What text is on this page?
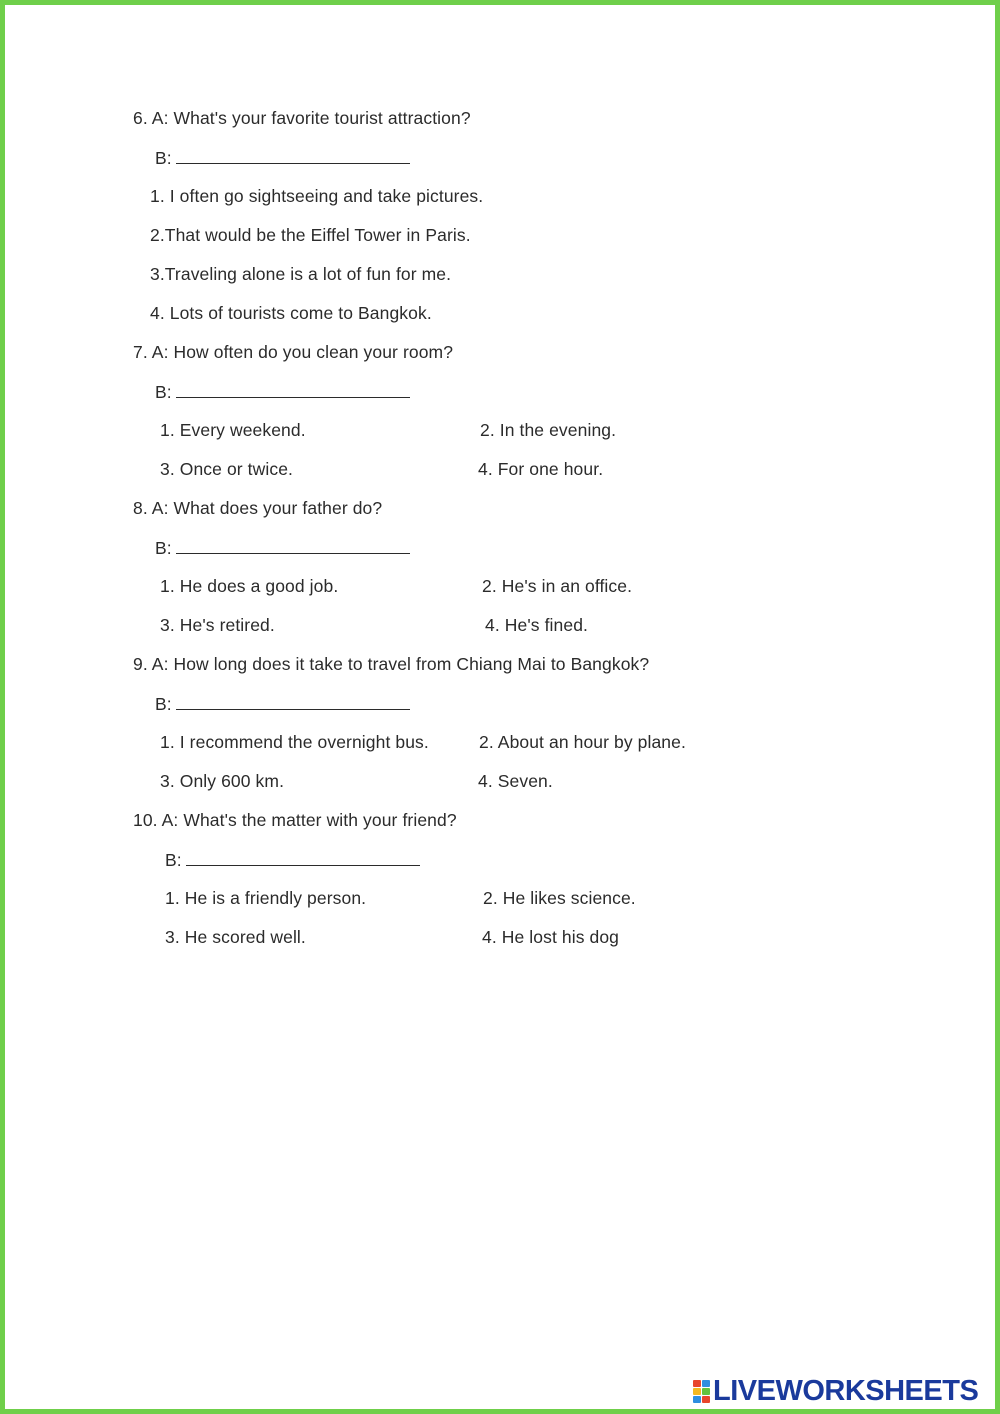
6. A: What's your favorite tourist attraction?
B:
1. I often go sightseeing and take pictures.
2.That would be the Eiffel Tower in Paris.
3.Traveling alone is a lot of fun for me.
4. Lots of tourists come to Bangkok.
7. A: How often do you clean your room?
B:
1. Every weekend.	2. In the evening.
3. Once or twice.	4. For one hour.
8. A: What does your father do?
B:
1. He does a good job.	2. He's in an office.
3. He's retired.	4. He's fined.
9. A: How long does it take to travel from Chiang Mai to Bangkok?
B:
1. I recommend the overnight bus.	2. About an hour by plane.
3. Only 600 km.	4. Seven.
10. A: What's the matter with your friend?
B:
1. He is a friendly person.	2. He likes science.
3. He scored well.	4. He lost his dog
LIVEWORKSHEETS
